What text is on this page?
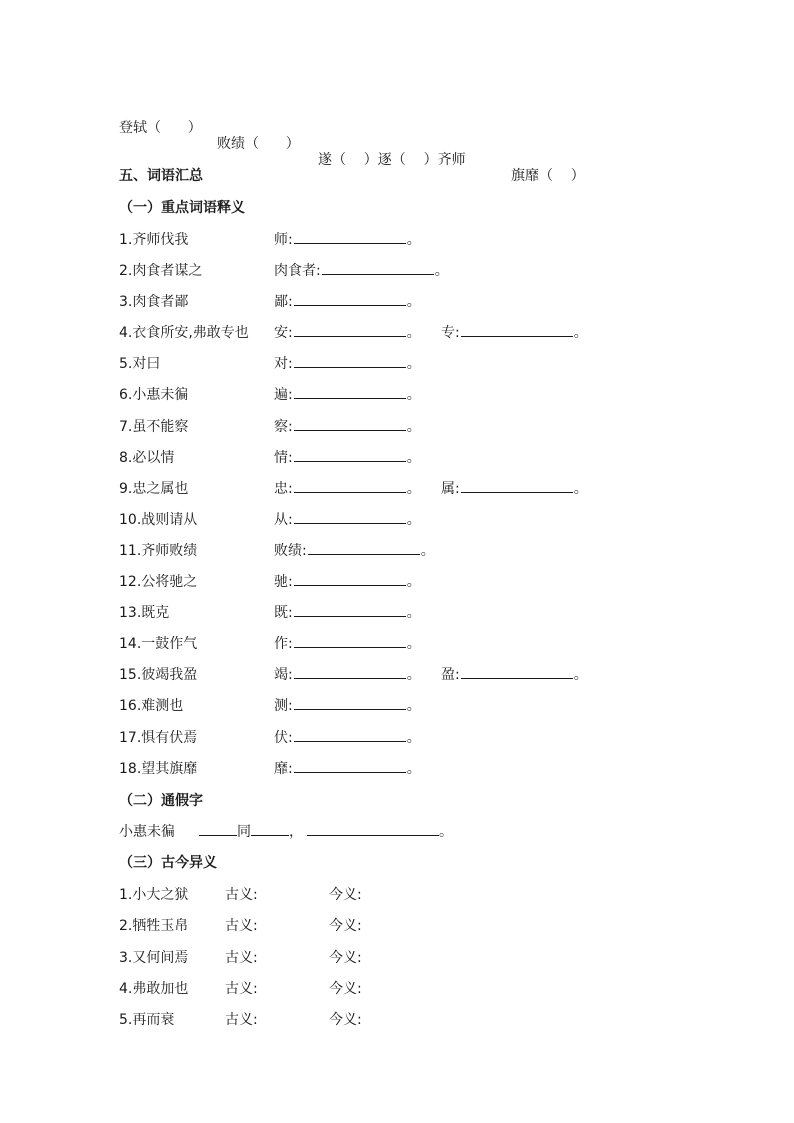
登轼（      ）

败绩（      ）

遂（    ）逐（    ）齐师

旗靡（    ）

五、词语汇总
（一）重点词语释义
1.齐师伐我	师:	。
2.肉食者谋之	肉食者:	。
3.肉食者鄙	鄙:	。
4.衣食所安,弗敢专也 安:	。 专:	。
5.对曰	对:	。
6.小惠未徧	遍:	。
7.虽不能察	察:	。
8.必以情	情:	。
9.忠之属也	忠:	。 属:	。
10.战则请从	从:	。
11.齐师败绩	败绩:	。
12.公将驰之	驰:	。
13.既克	既:	。
14.一鼓作气	作:	。
15.彼竭我盈	竭:	。 盈:	。
16.难测也	测:	。
17.惧有伏焉	伏:	。
18.望其旗靡	靡:	。
（二）通假字
小惠未徧	同	，	。
（三）古今异义
1.小大之狱	古义:	今义:
2.牺牲玉帛	古义:	今义:
3.又何间焉	古义:	今义:
4.弗敢加也	古义:	今义:
5.再而衰	古义:	今义:
